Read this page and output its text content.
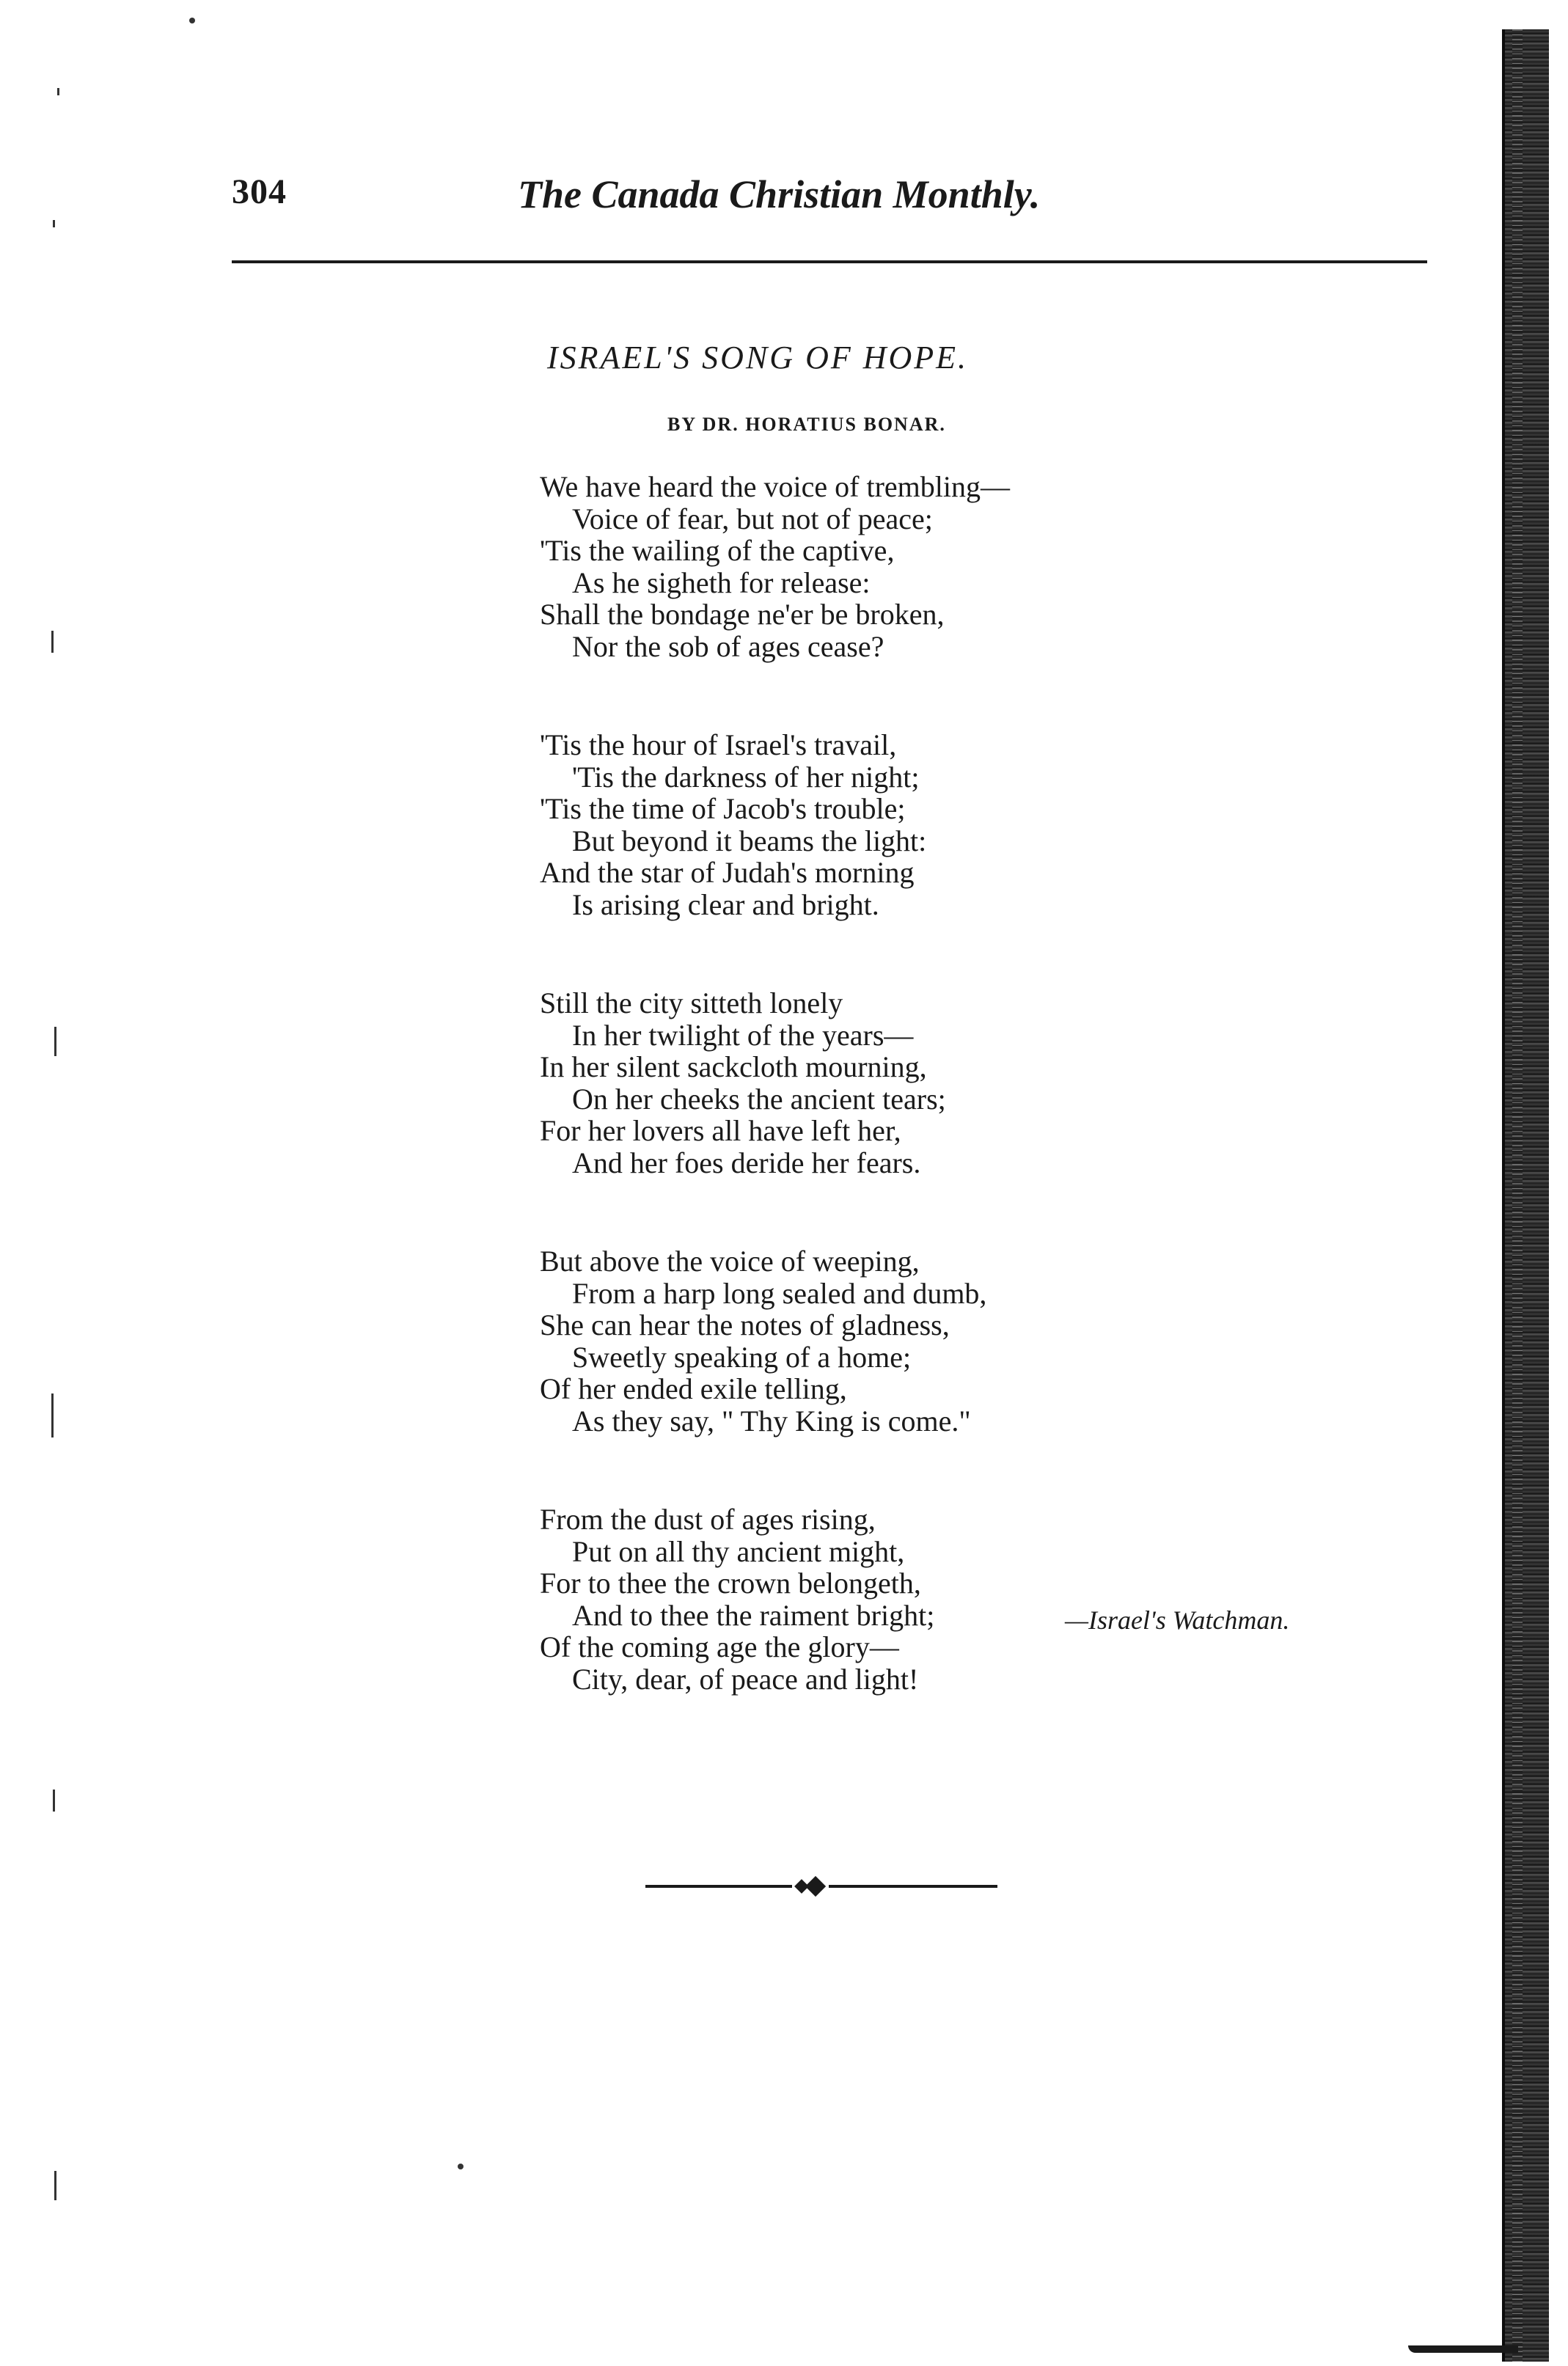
304	The Canada Christian Monthly.
ISRAEL'S SONG OF HOPE.
BY DR. HORATIUS BONAR.
We have heard the voice of trembling—
Voice of fear, but not of peace;
'Tis the wailing of the captive,
As he sigheth for release:
Shall the bondage ne'er be broken,
Nor the sob of ages cease?
'Tis the hour of Israel's travail,
'Tis the darkness of her night;
'Tis the time of Jacob's trouble;
But beyond it beams the light:
And the star of Judah's morning
Is arising clear and bright.
Still the city sitteth lonely
In her twilight of the years—
In her silent sackcloth mourning,
On her cheeks the ancient tears;
For her lovers all have left her,
And her foes deride her fears.
But above the voice of weeping,
From a harp long sealed and dumb,
She can hear the notes of gladness,
Sweetly speaking of a home;
Of her ended exile telling,
As they say, " Thy King is come."
From the dust of ages rising,
Put on all thy ancient might,
For to thee the crown belongeth,
And to thee the raiment bright;
Of the coming age the glory—
City, dear, of peace and light!
—Israel's Watchman.
